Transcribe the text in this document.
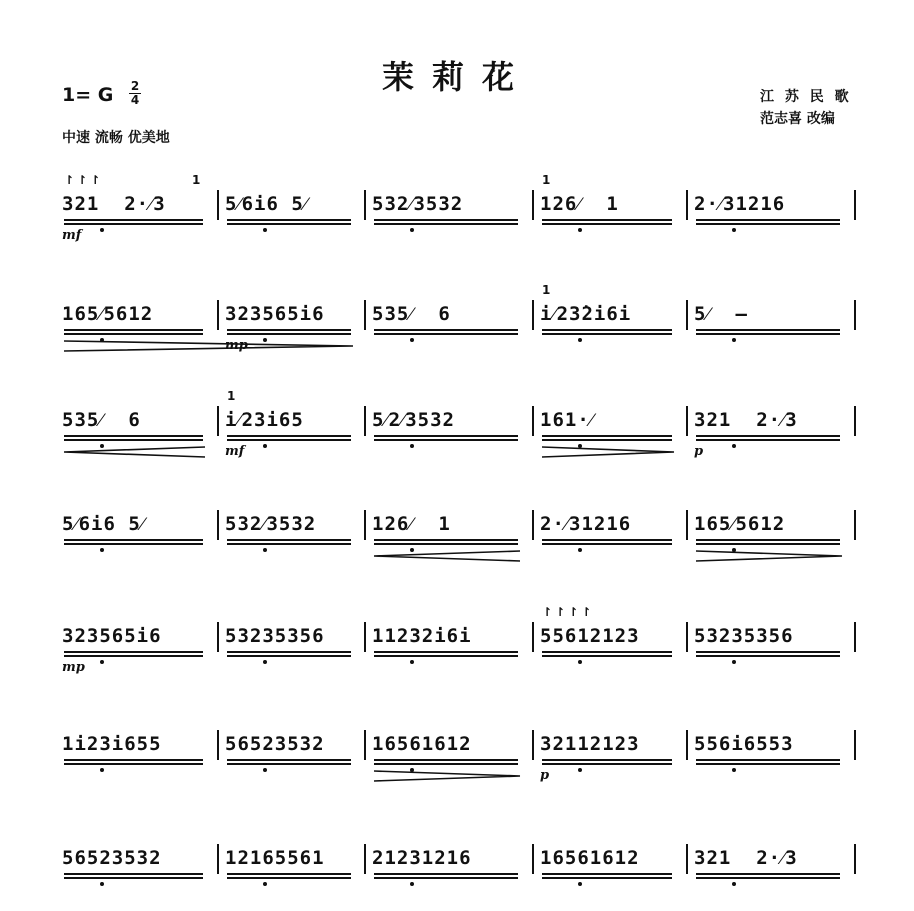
茉莉花
1= G 2
4
中速 流畅 优美地
江 苏 民 歌
范志喜 改编
321  2·⁄3	5⁄6i6 5⁄	532⁄3532	126⁄  1	2·⁄31216
↾↾↾	1	1
mf
165⁄5612	323565i6	535⁄  6	i⁄23̇2i6i	5⁄  –
1
mp
535⁄  6	i⁄23i65	5⁄2⁄3532	161·⁄	321  2·⁄3
1
mf	p
5⁄6i6 5⁄	532⁄3532	126⁄  1	2·⁄31216	165⁄5612
323565i6	53235356	11232i6i	55612123	53235356
↾↾↾↾
mp
1i23i655	56523532	16561612	32112123	556i6553
p
56523532	12165561	21231216	16561612	321  2·⁄3
